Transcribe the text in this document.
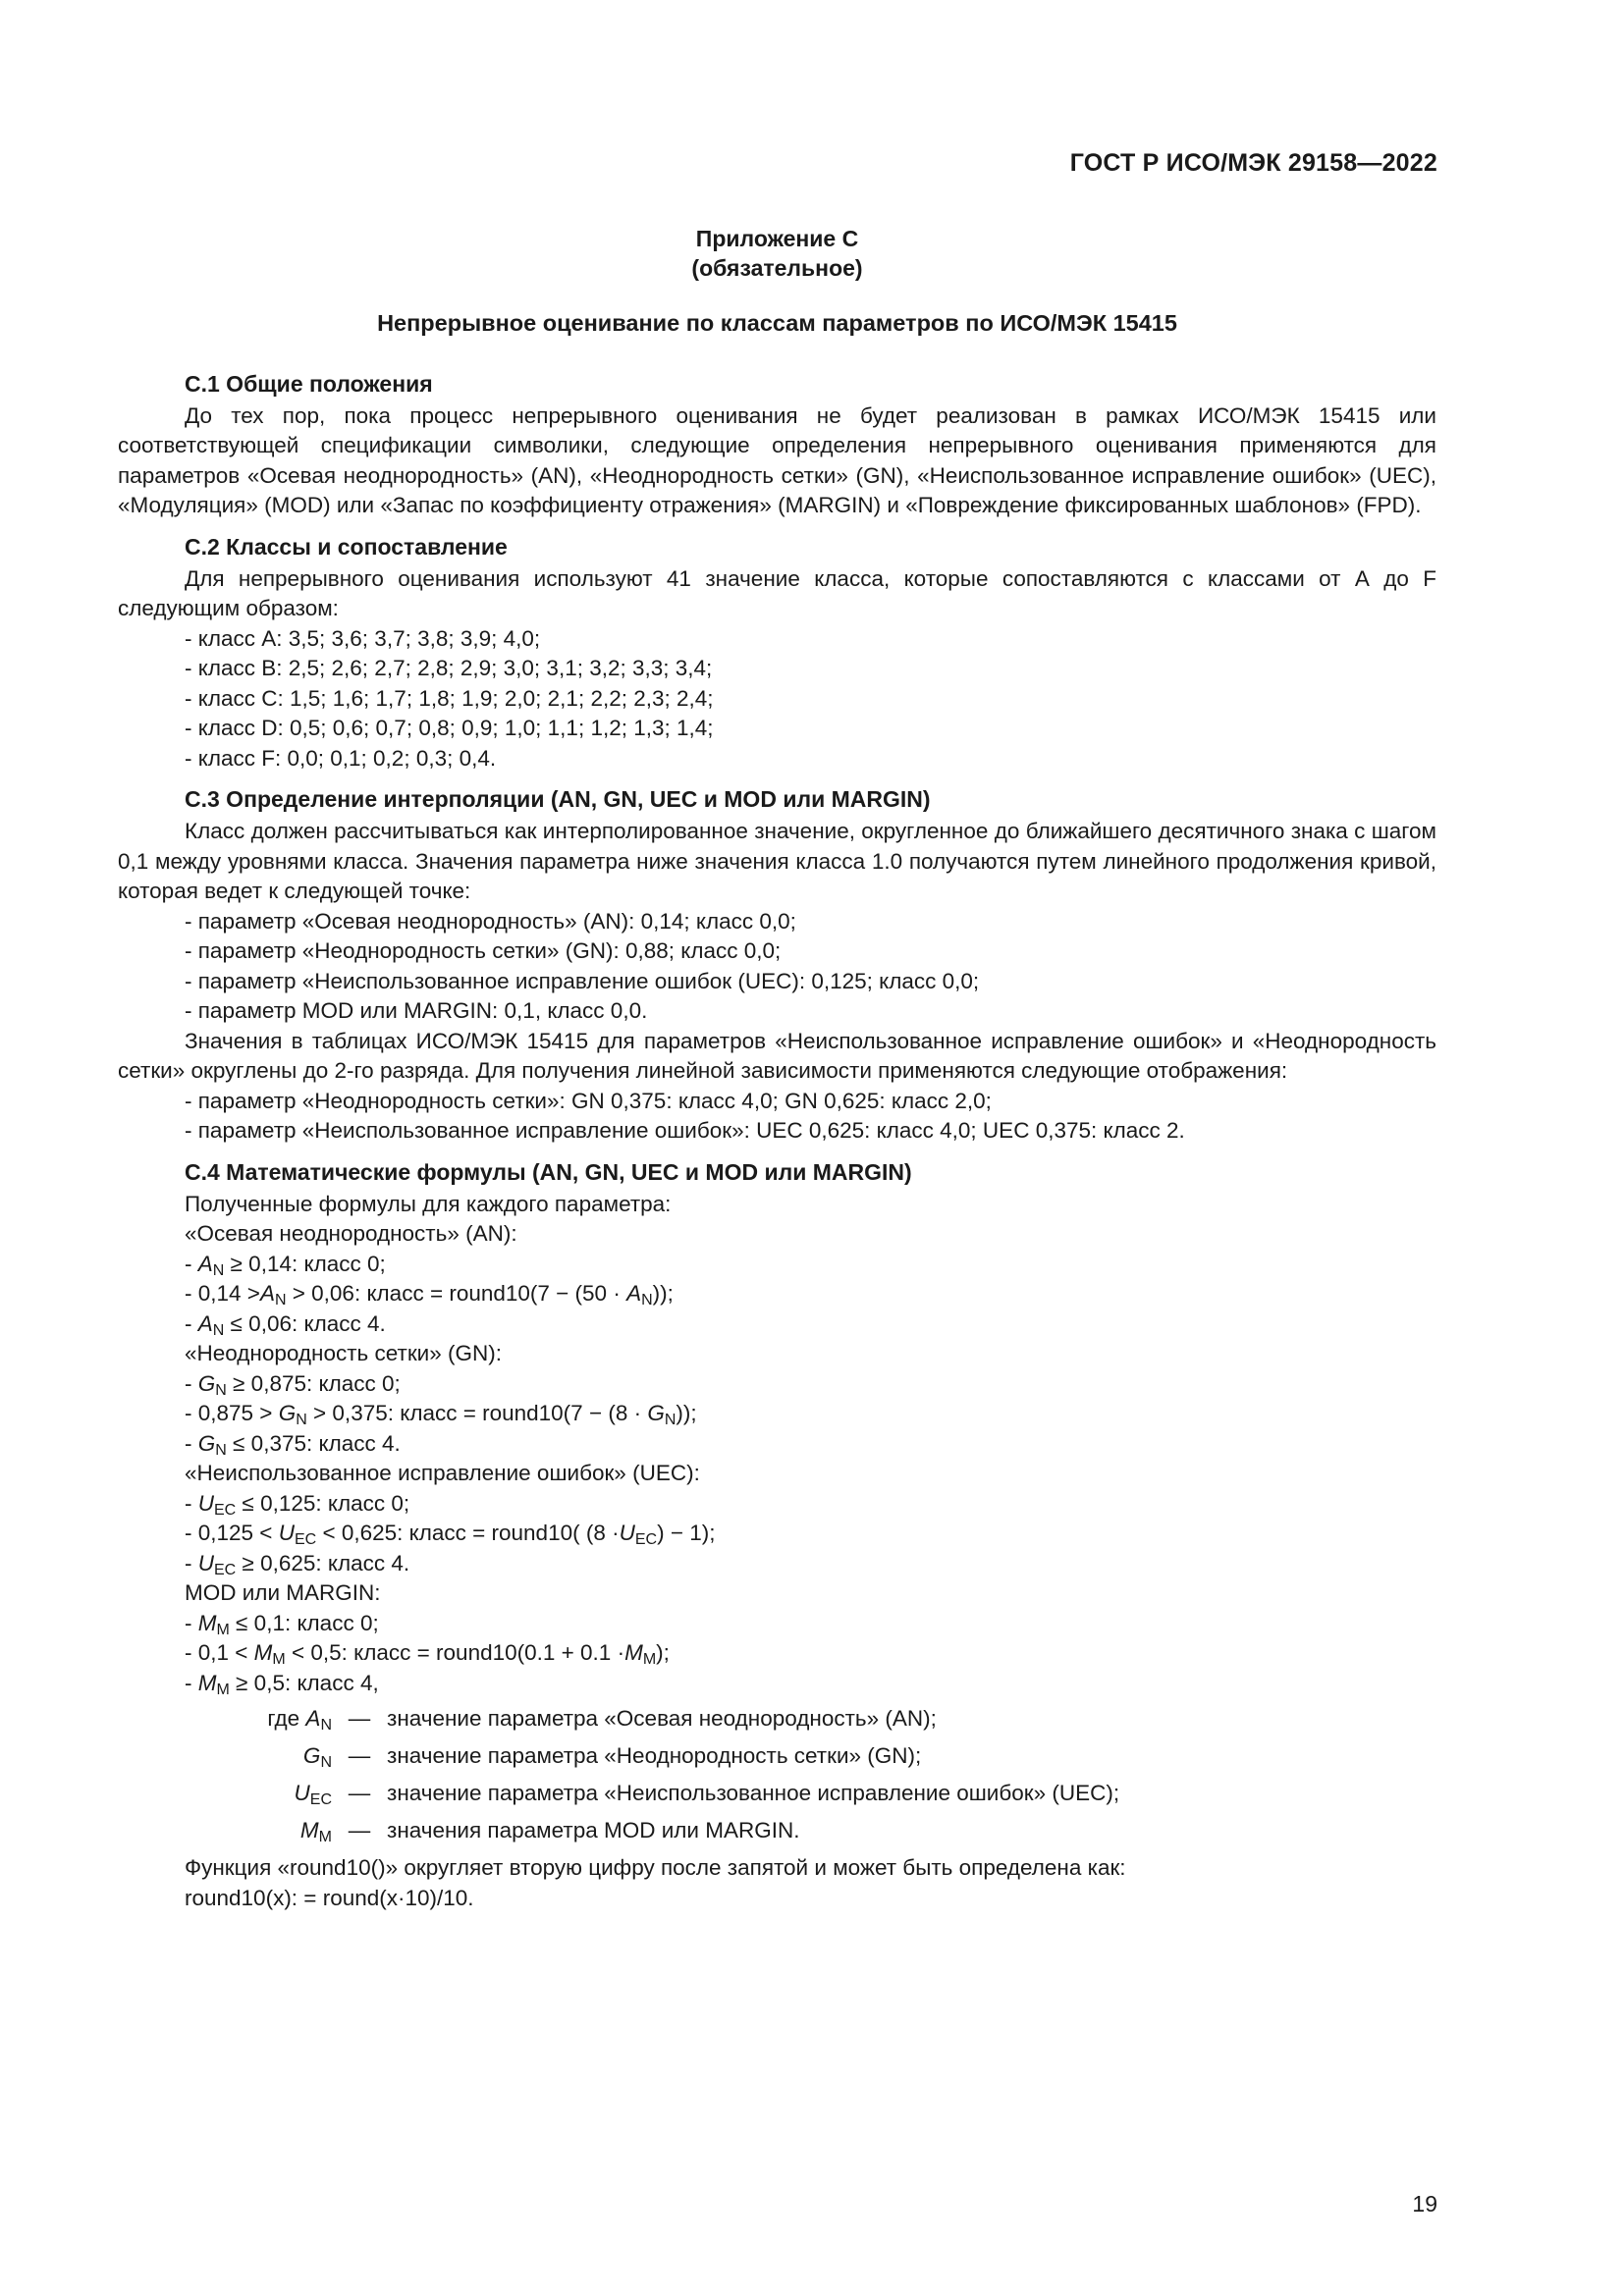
ГОСТ Р ИСО/МЭК 29158—2022
Приложение С
(обязательное)
Непрерывное оценивание по классам параметров по ИСО/МЭК 15415
С.1 Общие положения

До тех пор, пока процесс непрерывного оценивания не будет реализован в рамках ИСО/МЭК 15415 или соответствующей спецификации символики, следующие определения непрерывного оценивания применяются для параметров «Осевая неоднородность» (AN), «Неоднородность сетки» (GN), «Неиспользованное исправление ошибок» (UEC), «Модуляция» (MOD) или «Запас по коэффициенту отражения» (MARGIN) и «Повреждение фиксированных шаблонов» (FPD).

С.2 Классы и сопоставление

Для непрерывного оценивания используют 41 значение класса, которые сопоставляются с классами от А до F следующим образом:

- класс А: 3,5; 3,6; 3,7; 3,8; 3,9; 4,0;
- класс В: 2,5; 2,6; 2,7; 2,8; 2,9; 3,0; 3,1; 3,2; 3,3; 3,4;
- класс С: 1,5; 1,6; 1,7; 1,8; 1,9; 2,0; 2,1; 2,2; 2,3; 2,4;
- класс D: 0,5; 0,6; 0,7; 0,8; 0,9; 1,0; 1,1; 1,2; 1,3; 1,4;
- класс F: 0,0; 0,1; 0,2; 0,3; 0,4.
С.3 Определение интерполяции (AN, GN, UEC и MOD или MARGIN)

Класс должен рассчитываться как интерполированное значение, округленное до ближайшего десятичного знака с шагом 0,1 между уровнями класса. Значения параметра ниже значения класса 1.0 получаются путем линейного продолжения кривой, которая ведет к следующей точке:

- параметр «Осевая неоднородность» (AN): 0,14; класс 0,0;
- параметр «Неоднородность сетки» (GN): 0,88; класс 0,0;
- параметр «Неиспользованное исправление ошибок (UEC): 0,125; класс 0,0;
- параметр MOD или MARGIN: 0,1, класс 0,0.

Значения в таблицах ИСО/МЭК 15415 для параметров «Неиспользованное исправление ошибок» и «Неоднородность сетки» округлены до 2-го разряда. Для получения линейной зависимости применяются следующие отображения:

- параметр «Неоднородность сетки»: GN 0,375: класс 4,0; GN 0,625: класс 2,0;
- параметр «Неиспользованное исправление ошибок»: UEC 0,625: класс 4,0; UEC 0,375: класс 2.
С.4 Математические формулы (AN, GN, UEC и MOD или MARGIN)
Полученные формулы для каждого параметра:
«Осевая неоднородность» (AN):
- $A_N \ge 0,14$: класс 0;
- $0,14 >A_N > 0,06$: класс = round10(7 − $(50 \cdot A_N)$);
- $A_N \le 0,06$: класс 4.
«Неоднородность сетки» (GN):
- $G_N \ge 0,875$: класс 0;
- $0,875 > G_N > 0,375$: класс = round10(7 − $(8 \cdot G_N)$);
- $G_N \le 0,375$: класс 4.
«Неиспользованное исправление ошибок» (UEC):
- $U_{EC} \le 0,125$: класс 0;
- $0,125 < U_{EC} < 0,625$: класс = round10( $(8 \cdot U_{EC}) - 1$);
- $U_{EC} \ge 0,625$: класс 4.
MOD или MARGIN:
- $M_M \le 0,1$: класс 0;
- $0,1 < M_M < 0,5$: класс = round10(0.1 + $0.1 \cdot M_M$);
- $M_M \ge 0,5$: класс 4,
где $A_N$ — значение параметра «Осевая неоднородность» (AN);
$G_N$ — значение параметра «Неоднородность сетки» (GN);
$U_{EC}$ — значение параметра «Неиспользованное исправление ошибок» (UEC);
$M_M$ — значения параметра MOD или MARGIN.
Функция «round10()» округляет вторую цифру после запятой и может быть определена как:
round10(x): = round(x·10)/10.
19
